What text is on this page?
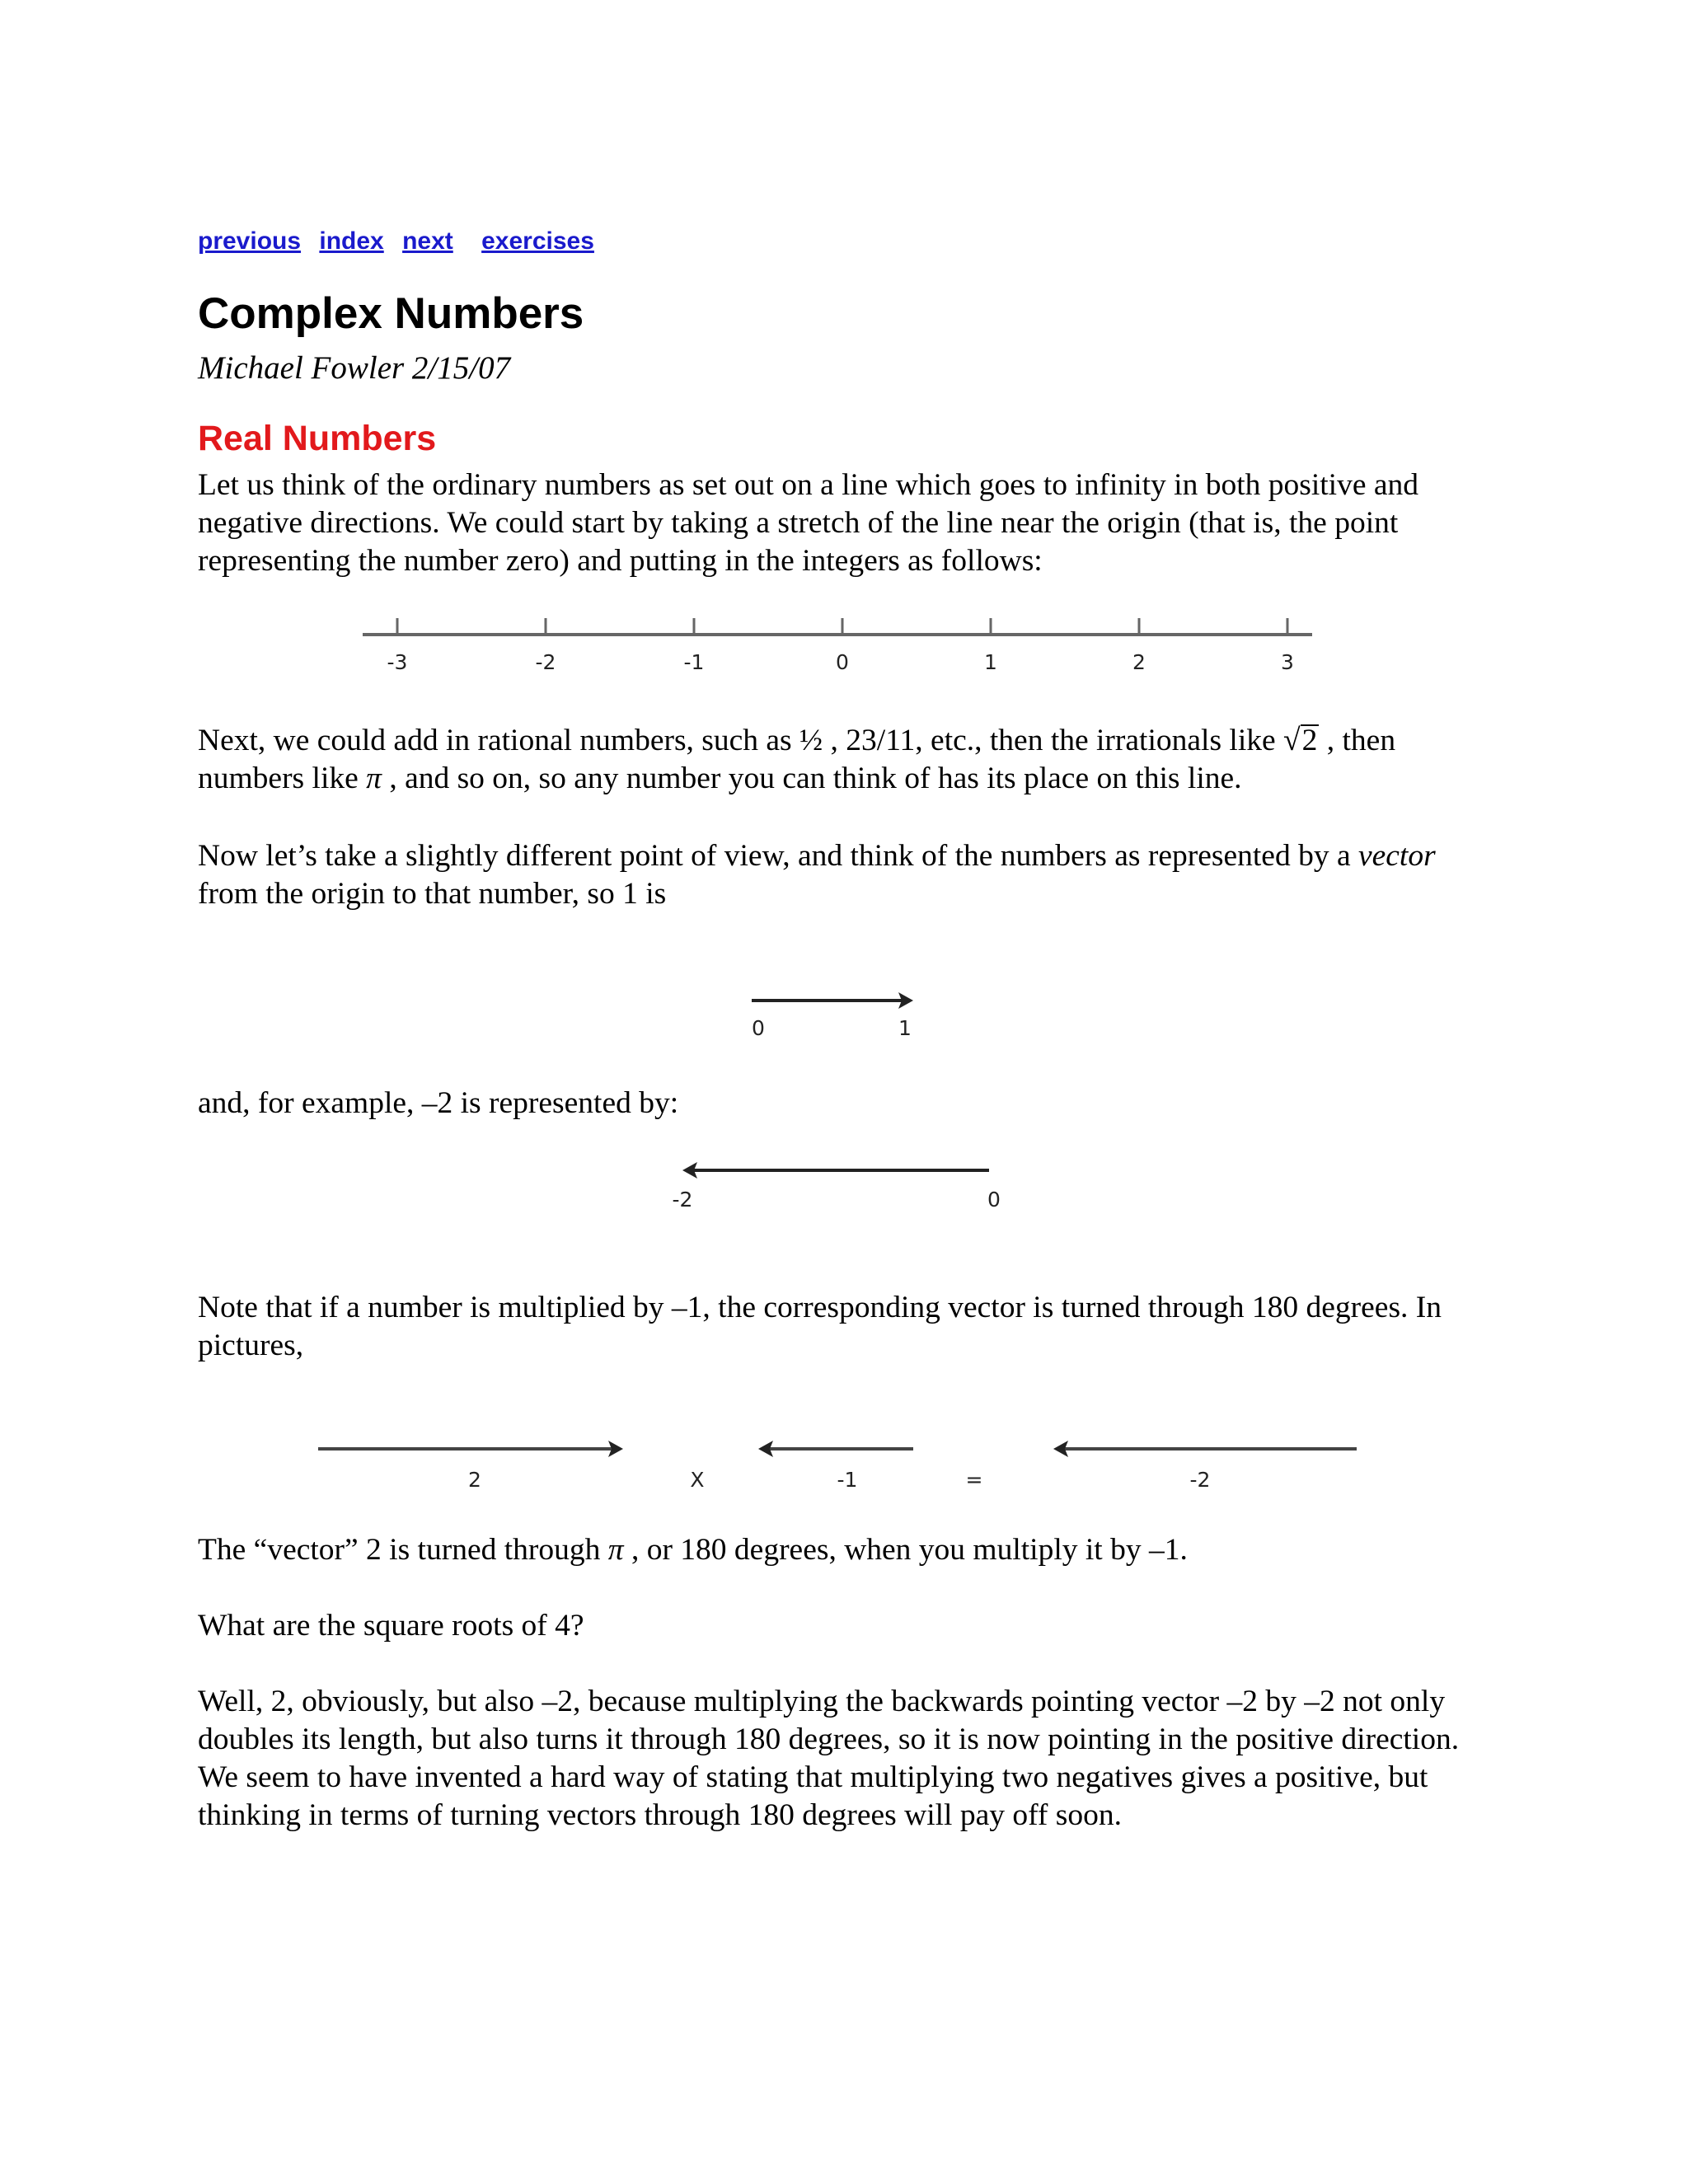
previous index next exercises
Complex Numbers
Michael Fowler 2/15/07
Real Numbers

Let us think of the ordinary numbers as set out on a line which goes to infinity in both positive and negative directions. We could start by taking a stretch of the line near the origin (that is, the point representing the number zero) and putting in the integers as follows:

-3	-2	-1	0	1	2	3

Next, we could add in rational numbers, such as ½ , 23/11, etc., then the irrationals like √2 , then numbers like π , and so on, so any number you can think of has its place on this line.

Now let’s take a slightly different point of view, and think of the numbers as represented by a vector from the origin to that number, so 1 is

0	1

and, for example, –2 is represented by:

-2	0

Note that if a number is multiplied by –1, the corresponding vector is turned through 180 degrees. In pictures,

2	X	-1	=	-2

The “vector” 2 is turned through π , or 180 degrees, when you multiply it by –1.

What are the square roots of 4?

Well, 2, obviously, but also –2, because multiplying the backwards pointing vector –2 by –2 not only doubles its length, but also turns it through 180 degrees, so it is now pointing in the positive direction. We seem to have invented a hard way of stating that multiplying two negatives gives a positive, but thinking in terms of turning vectors through 180 degrees will pay off soon.
